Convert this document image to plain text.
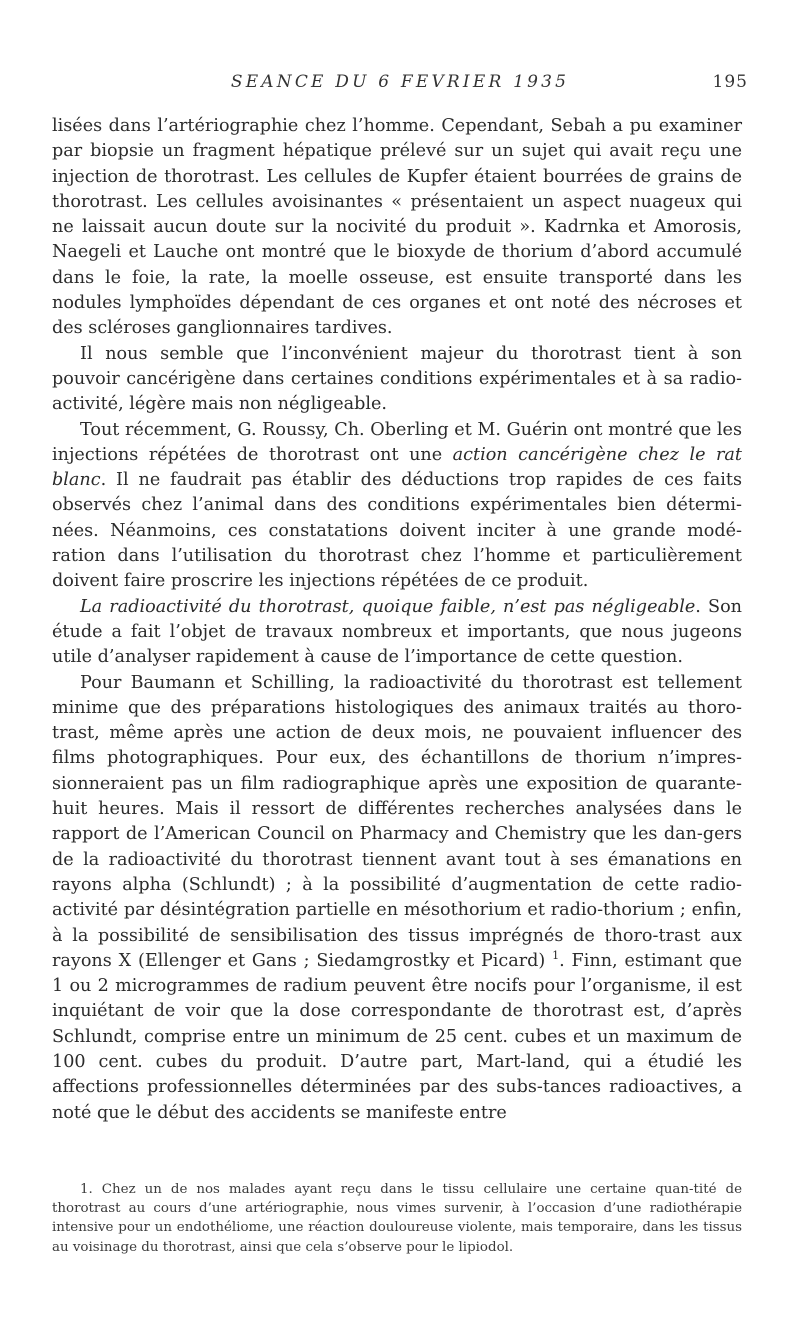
SEANCE DU 6 FEVRIER 1935	195

lisées dans l’artériographie chez l’homme. Cependant, Sebah a pu examiner par biopsie un fragment hépatique prélevé sur un sujet qui avait reçu une injection de thorotrast. Les cellules de Kupfer étaient bourrées de grains de thorotrast. Les cellules avoisinantes « présentaient un aspect nuageux qui ne laissait aucun doute sur la nocivité du produit ». Kadrnka et Amorosis, Naegeli et Lauche ont montré que le bioxyde de thorium d’abord accumulé dans le foie, la rate, la moelle osseuse, est ensuite transporté dans les nodules lymphoïdes dépendant de ces organes et ont noté des nécroses et des scléroses ganglionnaires tardives.

Il nous semble que l’inconvénient majeur du thorotrast tient à son pouvoir cancérigène dans certaines conditions expérimentales et à sa radio-activité, légère mais non négligeable.

Tout récemment, G. Roussy, Ch. Oberling et M. Guérin ont montré que les injections répétées de thorotrast ont une action cancérigène chez le rat blanc. Il ne faudrait pas établir des déductions trop rapides de ces faits observés chez l’animal dans des conditions expérimentales bien détermi-nées. Néanmoins, ces constatations doivent inciter à une grande modé-ration dans l’utilisation du thorotrast chez l’homme et particulièrement doivent faire proscrire les injections répétées de ce produit.

La radioactivité du thorotrast, quoique faible, n’est pas négligeable. Son étude a fait l’objet de travaux nombreux et importants, que nous jugeons utile d’analyser rapidement à cause de l’importance de cette question.

Pour Baumann et Schilling, la radioactivité du thorotrast est tellement minime que des préparations histologiques des animaux traités au thoro-trast, même après une action de deux mois, ne pouvaient influencer des films photographiques. Pour eux, des échantillons de thorium n’impres-sionneraient pas un film radiographique après une exposition de quarante-huit heures. Mais il ressort de différentes recherches analysées dans le rapport de l’American Council on Pharmacy and Chemistry que les dan-gers de la radioactivité du thorotrast tiennent avant tout à ses émanations en rayons alpha (Schlundt) ; à la possibilité d’augmentation de cette radio-activité par désintégration partielle en mésothorium et radio-thorium ; enfin, à la possibilité de sensibilisation des tissus imprégnés de thoro-trast aux rayons X (Ellenger et Gans ; Siedamgrostky et Picard) $^1$. Finn, estimant que 1 ou 2 microgrammes de radium peuvent être nocifs pour l’organisme, il est inquiétant de voir que la dose correspondante de thorotrast est, d’après Schlundt, comprise entre un minimum de 25 cent. cubes et un maximum de 100 cent. cubes du produit. D’autre part, Mart-land, qui a étudié les affections professionnelles déterminées par des subs-tances radioactives, a noté que le début des accidents se manifeste entre

1. Chez un de nos malades ayant reçu dans le tissu cellulaire une certaine quan-tité de thorotrast au cours d’une artériographie, nous vimes survenir, à l’occasion d’une radiothérapie intensive pour un endothéliome, une réaction douloureuse violente, mais temporaire, dans les tissus au voisinage du thorotrast, ainsi que cela s’observe pour le lipiodol.
